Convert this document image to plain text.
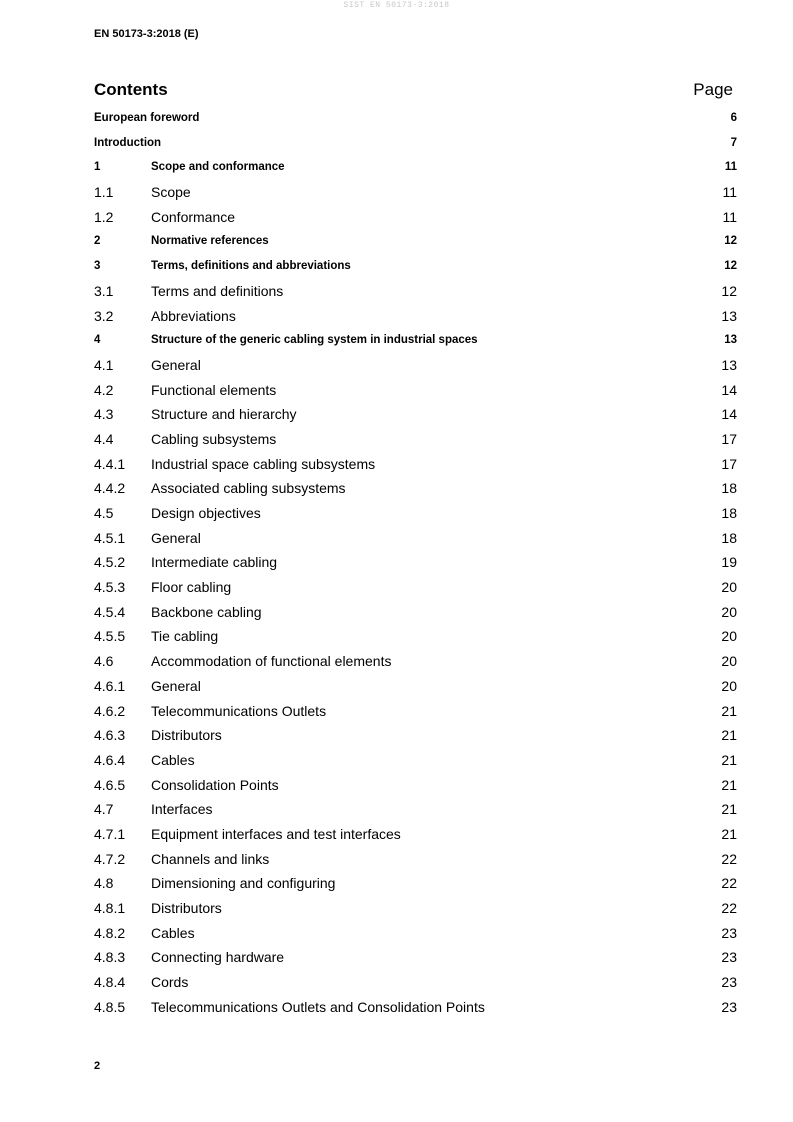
SIST EN 50173-3:2018
EN 50173-3:2018 (E)
Contents	Page
European foreword	6
Introduction	7
1	Scope and conformance	11
1.1	Scope	11
1.2	Conformance	11
2	Normative references	12
3	Terms, definitions and abbreviations	12
3.1	Terms and definitions	12
3.2	Abbreviations	13
4	Structure of the generic cabling system in industrial spaces	13
4.1	General	13
4.2	Functional elements	14
4.3	Structure and hierarchy	14
4.4	Cabling subsystems	17
4.4.1 Industrial space cabling subsystems	17
4.4.2 Associated cabling subsystems	18
4.5	Design objectives	18
4.5.1 General	18
4.5.2 Intermediate cabling	19
4.5.3 Floor cabling	20
4.5.4 Backbone cabling	20
4.5.5 Tie cabling	20
4.6	Accommodation of functional elements	20
4.6.1 General	20
4.6.2 Telecommunications Outlets	21
4.6.3 Distributors	21
4.6.4 Cables	21
4.6.5 Consolidation Points	21
4.7	Interfaces	21
4.7.1 Equipment interfaces and test interfaces	21
4.7.2 Channels and links	22
4.8	Dimensioning and configuring	22
4.8.1 Distributors	22
4.8.2 Cables	23
4.8.3 Connecting hardware	23
4.8.4 Cords	23
4.8.5 Telecommunications Outlets and Consolidation Points	23
2
